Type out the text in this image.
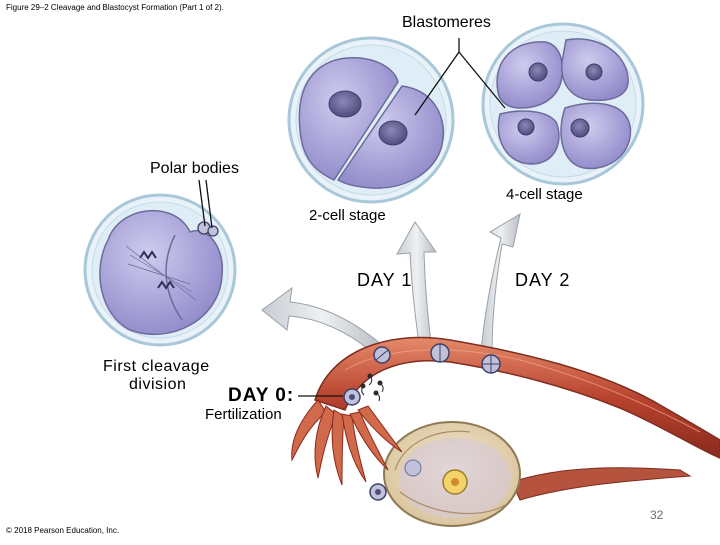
Figure 29–2 Cleavage and Blastocyst Formation (Part 1 of 2).
Blastomeres
Polar bodies
4-cell stage
2-cell stage
DAY 1	DAY 2
First cleavage
division
DAY 0:
Fertilization
32
© 2018 Pearson Education, Inc.
